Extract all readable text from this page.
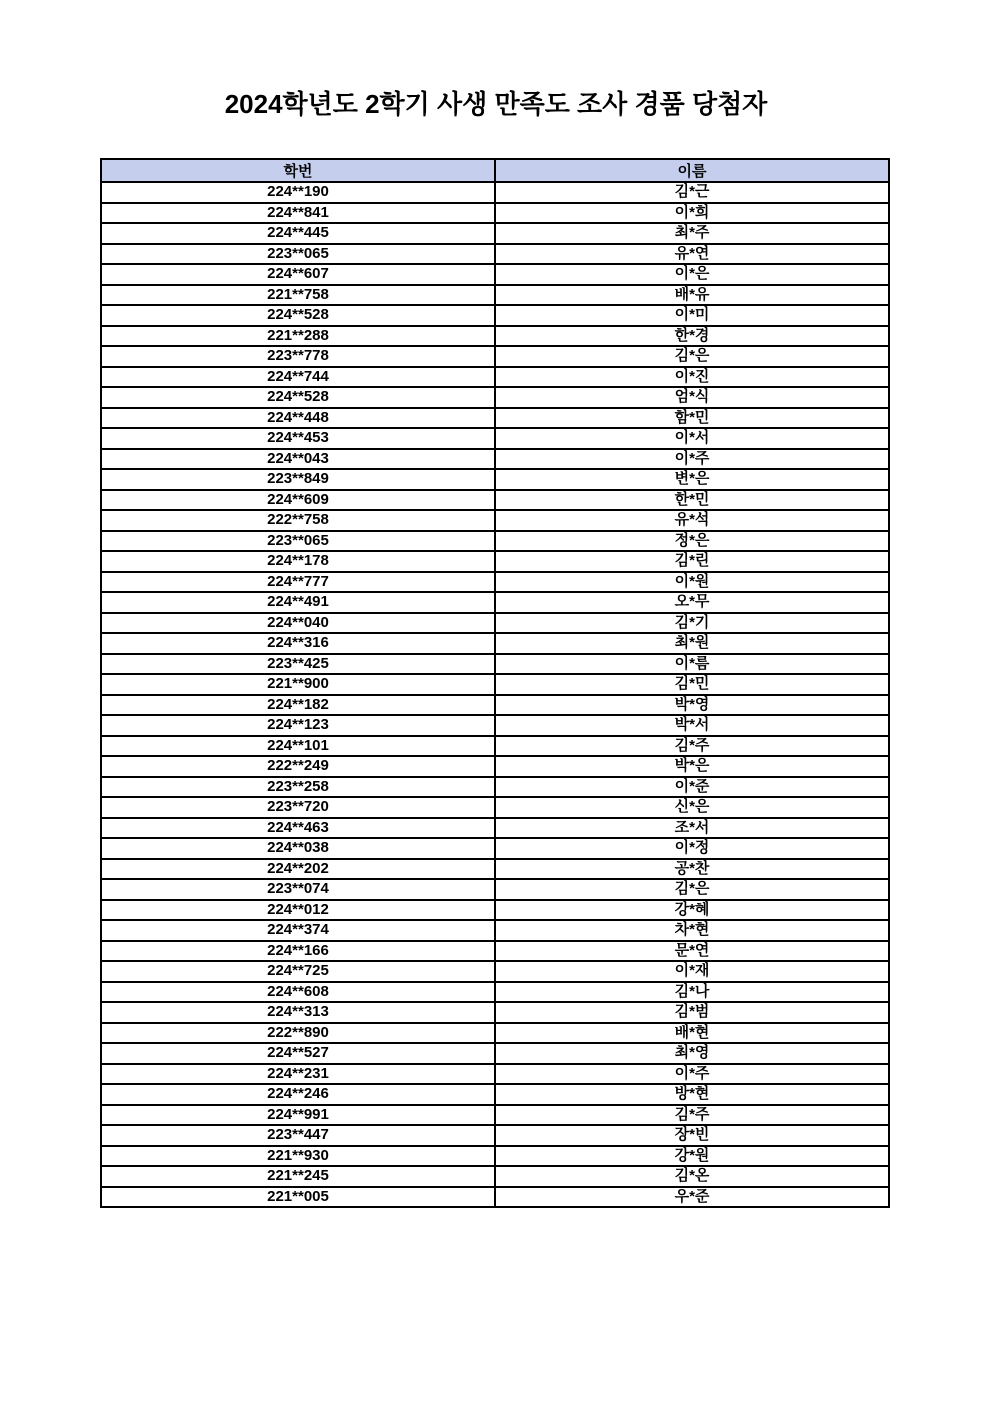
2024학년도 2학기 사생 만족도 조사 경품 당첨자
학번	이름
224**190	김*근
224**841	이*희
224**445	최*주
223**065	유*연
224**607	이*은
221**758	배*유
224**528	이*미
221**288	한*경
223**778	김*은
224**744	이*진
224**528	엄*식
224**448	함*민
224**453	이*서
224**043	이*주
223**849	변*은
224**609	한*민
222**758	유*석
223**065	정*은
224**178	김*린
224**777	이*원
224**491	오*무
224**040	김*기
224**316	최*원
223**425	이*름
221**900	김*민
224**182	박*영
224**123	박*서
224**101	김*주
222**249	박*은
223**258	이*준
223**720	신*은
224**463	조*서
224**038	이*정
224**202	공*찬
223**074	김*은
224**012	강*혜
224**374	차*현
224**166	문*연
224**725	이*재
224**608	김*나
224**313	김*범
222**890	배*현
224**527	최*영
224**231	이*주
224**246	방*현
224**991	김*주
223**447	장*빈
221**930	강*원
221**245	김*온
221**005	우*준
